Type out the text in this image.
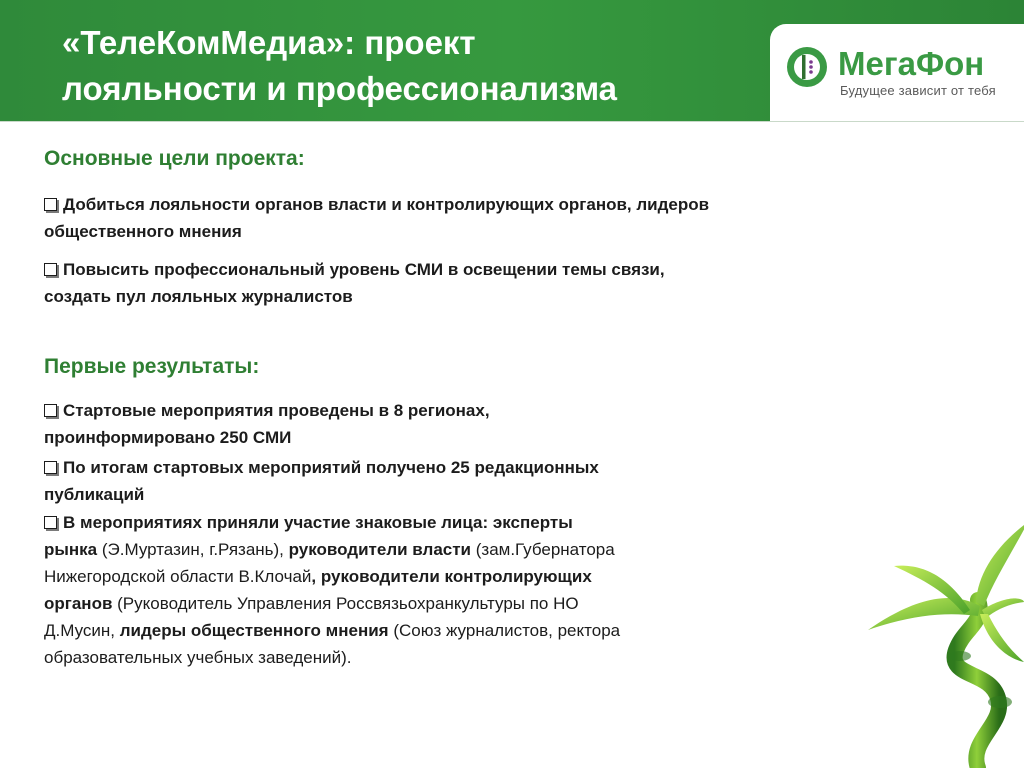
«ТелеКомМедиа»: проект
лояльности и профессионализма
МегаФон
Будущее зависит от тебя
Основные цели проекта:
Добиться лояльности органов власти и контролирующих органов, лидеров
общественного мнения
Повысить профессиональный уровень СМИ в освещении темы связи,
создать пул лояльных журналистов
Первые результаты:
Стартовые мероприятия проведены в 8 регионах,
проинформировано 250 СМИ
По итогам стартовых мероприятий получено 25 редакционных
публикаций
В мероприятиях приняли участие знаковые лица: эксперты
рынка (Э.Муртазин, г.Рязань), руководители власти (зам.Губернатора
Нижегородской области В.Клочай, руководители контролирующих
органов (Руководитель Управления Россвязьохранкультуры по НО
Д.Мусин, лидеры общественного мнения (Союз журналистов, ректора
образовательных учебных заведений).
